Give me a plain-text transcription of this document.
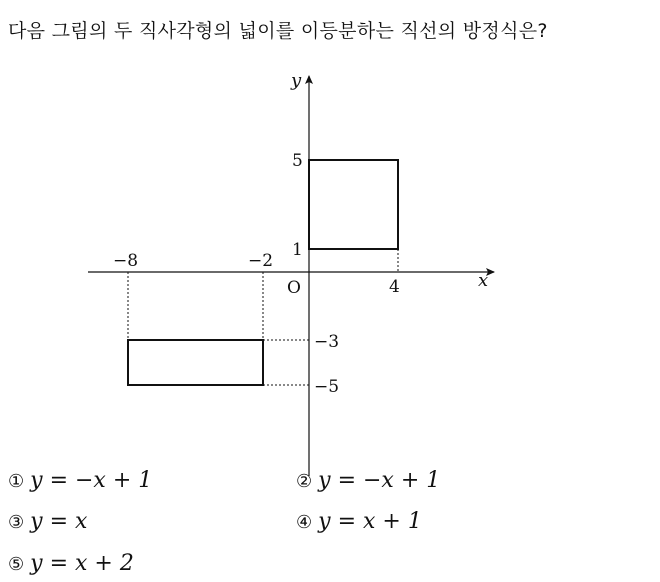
다음 그림의 두 직사각형의 넓이를 이등분하는 직선의 방정식은?
y
x
O
−8	−2
4
5
1
−3
−5
① y = −x + 1	② y = −x + 1
③ y = x	④ y = x + 1
⑤ y = x + 2
